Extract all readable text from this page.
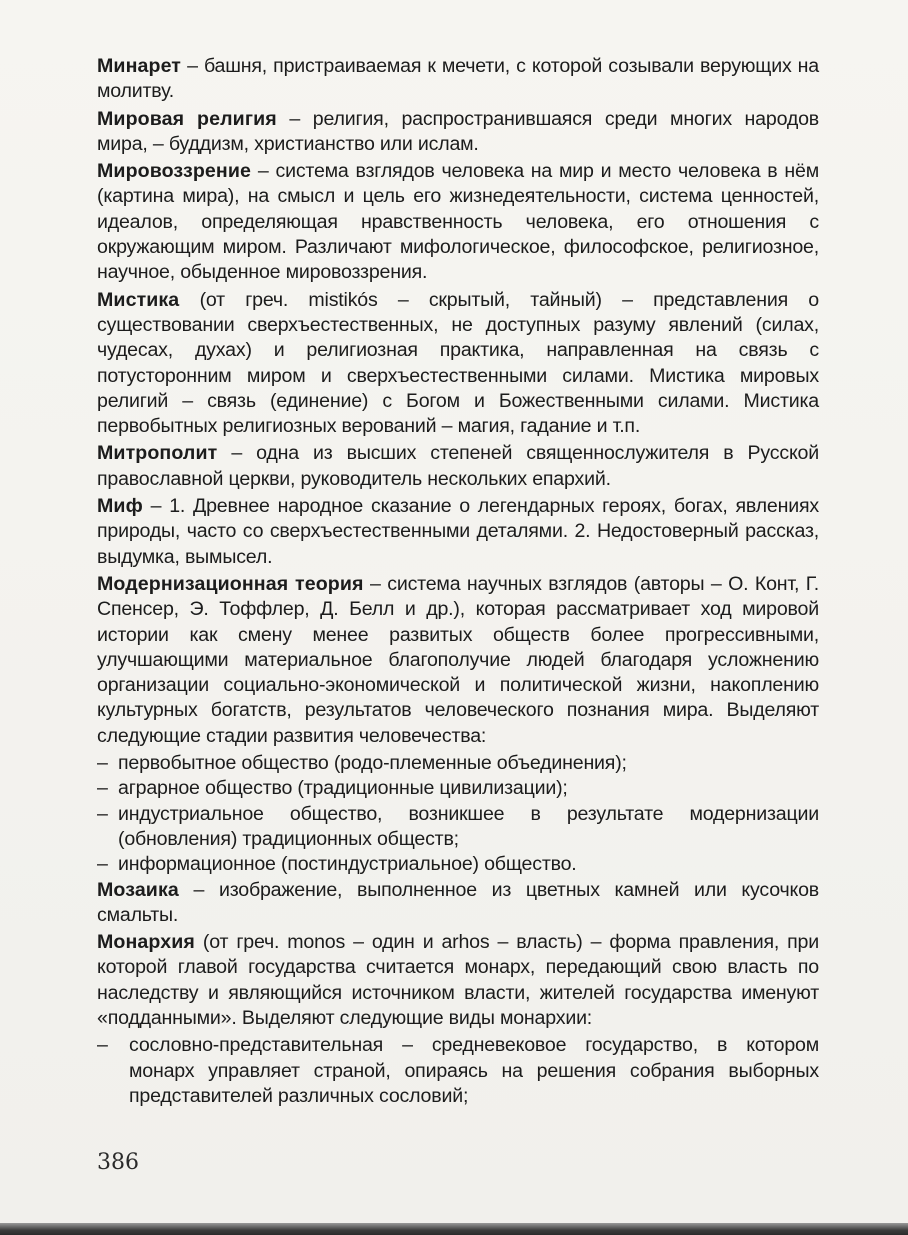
Минарет – башня, пристраиваемая к мечети, с которой созывали верующих на молитву.

Мировая религия – религия, распространившаяся среди многих народов мира, – буддизм, христианство или ислам.

Мировоззрение – система взглядов человека на мир и место человека в нём (картина мира), на смысл и цель его жизнедеятельности, система ценностей, идеалов, определяющая нравственность человека, его отношения с окружающим миром. Различают мифологическое, философское, религиозное, научное, обыденное мировоззрения.

Мистика (от греч. mistikós – скрытый, тайный) – представления о существовании сверхъестественных, не доступных разуму явлений (силах, чудесах, духах) и религиозная практика, направленная на связь с потусторонним миром и сверхъестественными силами. Мистика мировых религий – связь (единение) с Богом и Божественными силами. Мистика первобытных религиозных верований – магия, гадание и т.п.

Митрополит – одна из высших степеней священнослужителя в Русской православной церкви, руководитель нескольких епархий.

Миф – 1. Древнее народное сказание о легендарных героях, богах, явлениях природы, часто со сверхъестественными деталями. 2. Недостоверный рассказ, выдумка, вымысел.

Модернизационная теория – система научных взглядов (авторы – О. Конт, Г. Спенсер, Э. Тоффлер, Д. Белл и др.), которая рассматривает ход мировой истории как смену менее развитых обществ более прогрессивными, улучшающими материальное благополучие людей благодаря усложнению организации социально-экономической и политической жизни, накоплению культурных богатств, результатов человеческого познания мира. Выделяют следующие стадии развития человечества:

– первобытное общество (родо-племенные объединения);
– аграрное общество (традиционные цивилизации);
– индустриальное общество, возникшее в результате модернизации (обновления) традиционных обществ;
– информационное (постиндустриальное) общество.

Мозаика – изображение, выполненное из цветных камней или кусочков смальты.

Монархия (от греч. monos – один и arhos – власть) – форма правления, при которой главой государства считается монарх, передающий свою власть по наследству и являющийся источником власти, жителей государства именуют «подданными». Выделяют следующие виды монархии:

–	сословно-представительная – средневековое государство, в котором монарх управляет страной, опираясь на решения собрания выборных представителей различных сословий;
386
